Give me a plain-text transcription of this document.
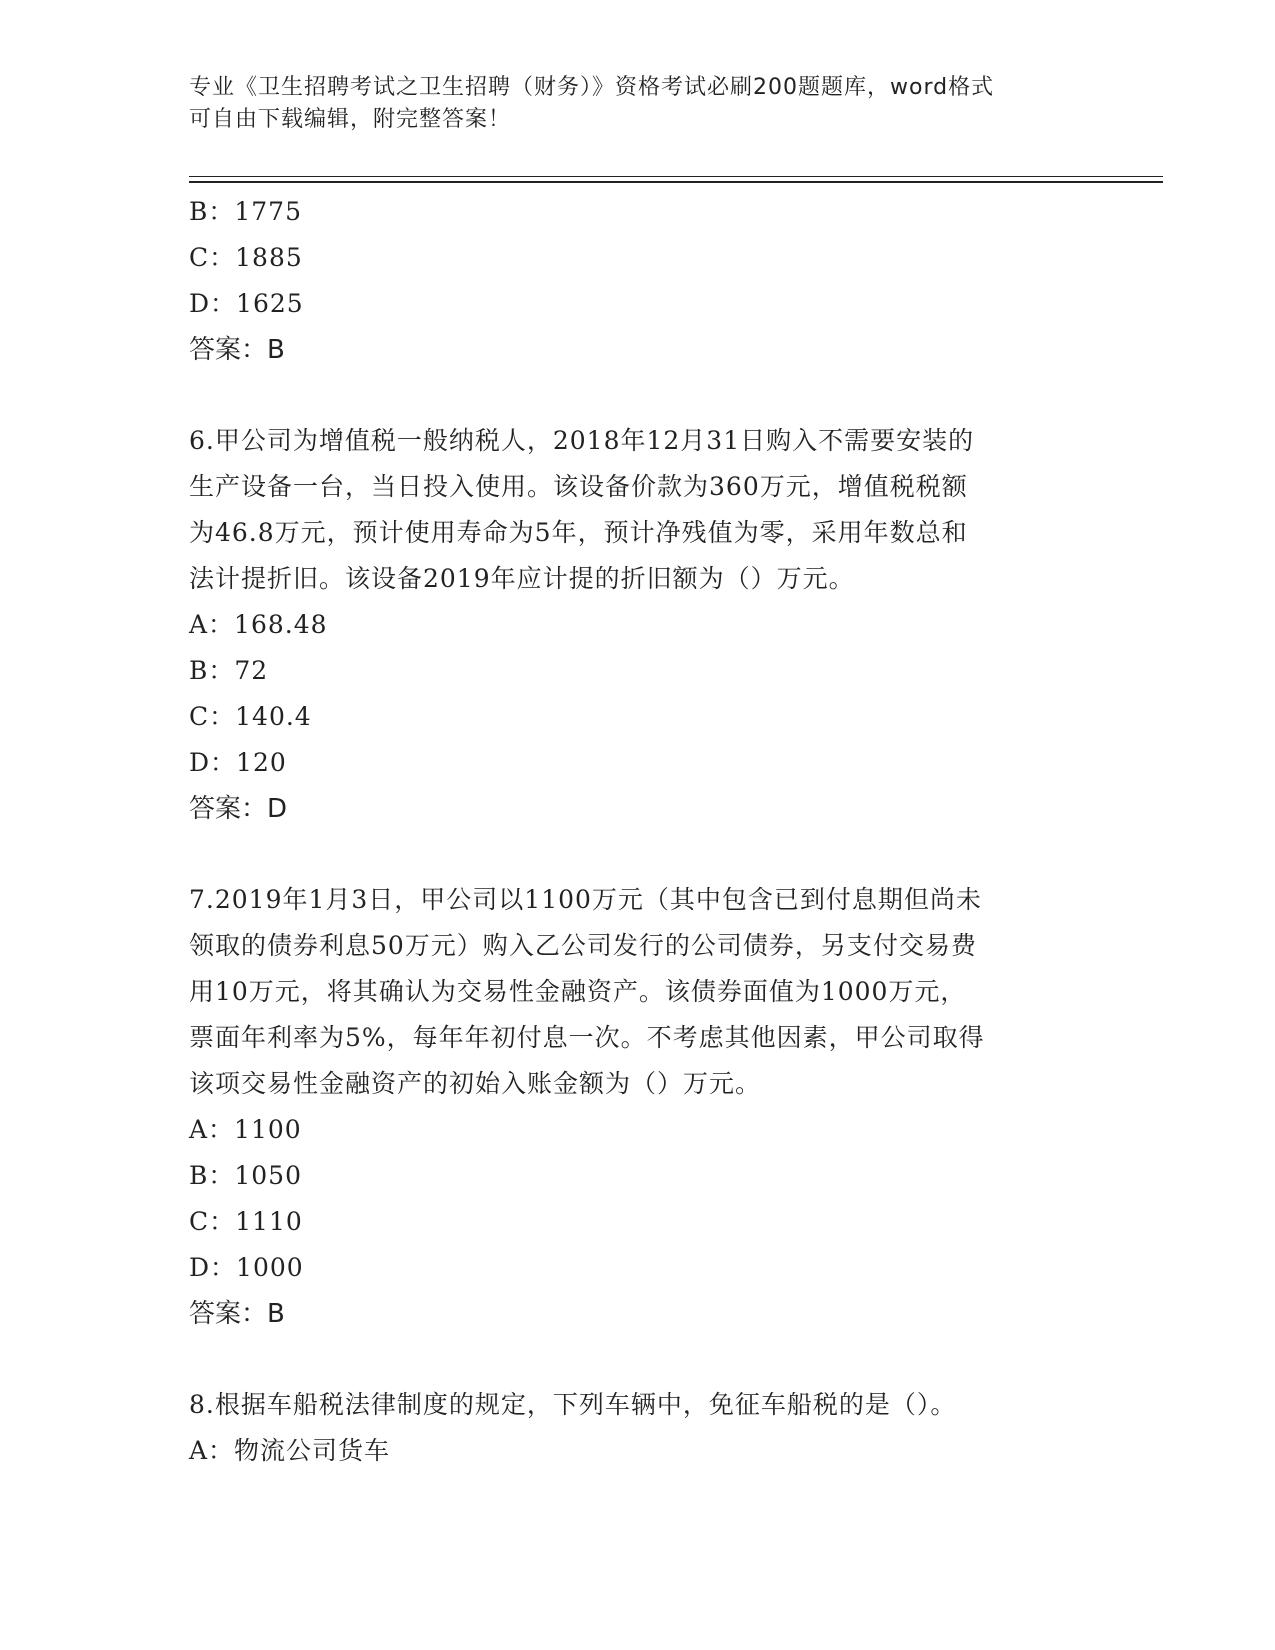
专业《卫生招聘考试之卫生招聘（财务）》资格考试必刷200题题库，word格式
可自由下载编辑，附完整答案！
B：1775
C：1885
D：1625
答案：B
6.甲公司为增值税一般纳税人，2018年12月31日购入不需要安装的
生产设备一台，当日投入使用。该设备价款为360万元，增值税税额
为46.8万元，预计使用寿命为5年，预计净残值为零，采用年数总和
法计提折旧。该设备2019年应计提的折旧额为（）万元。
A：168.48
B：72
C：140.4
D：120
答案：D
7.2019年1月3日，甲公司以1100万元（其中包含已到付息期但尚未
领取的债券利息50万元）购入乙公司发行的公司债券，另支付交易费
用10万元，将其确认为交易性金融资产。该债券面值为1000万元，
票面年利率为5%，每年年初付息一次。不考虑其他因素，甲公司取得
该项交易性金融资产的初始入账金额为（）万元。
A：1100
B：1050
C：1110
D：1000
答案：B
8.根据车船税法律制度的规定，下列车辆中，免征车船税的是（）。
A：物流公司货车
